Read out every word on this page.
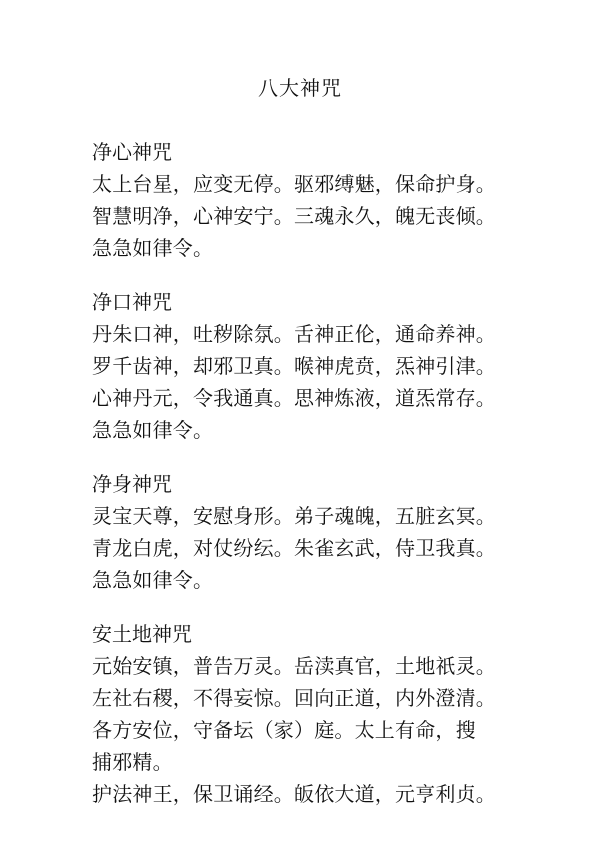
八大神咒
净心神咒
太上台星，应变无停。驱邪缚魅，保命护身。
智慧明净，心神安宁。三魂永久，魄无丧倾。
急急如律令。
净口神咒
丹朱口神，吐秽除氛。舌神正伦，通命养神。
罗千齿神，却邪卫真。喉神虎贲，炁神引津。
心神丹元，令我通真。思神炼液，道炁常存。
急急如律令。
净身神咒
灵宝天尊，安慰身形。弟子魂魄，五脏玄冥。
青龙白虎，对仗纷纭。朱雀玄武，侍卫我真。
急急如律令。
安土地神咒
元始安镇，普告万灵。岳渎真官，土地祇灵。
左社右稷，不得妄惊。回向正道，内外澄清。
各方安位，守备坛（家）庭。太上有命，搜
捕邪精。
护法神王，保卫诵经。皈依大道，元亨利贞。
